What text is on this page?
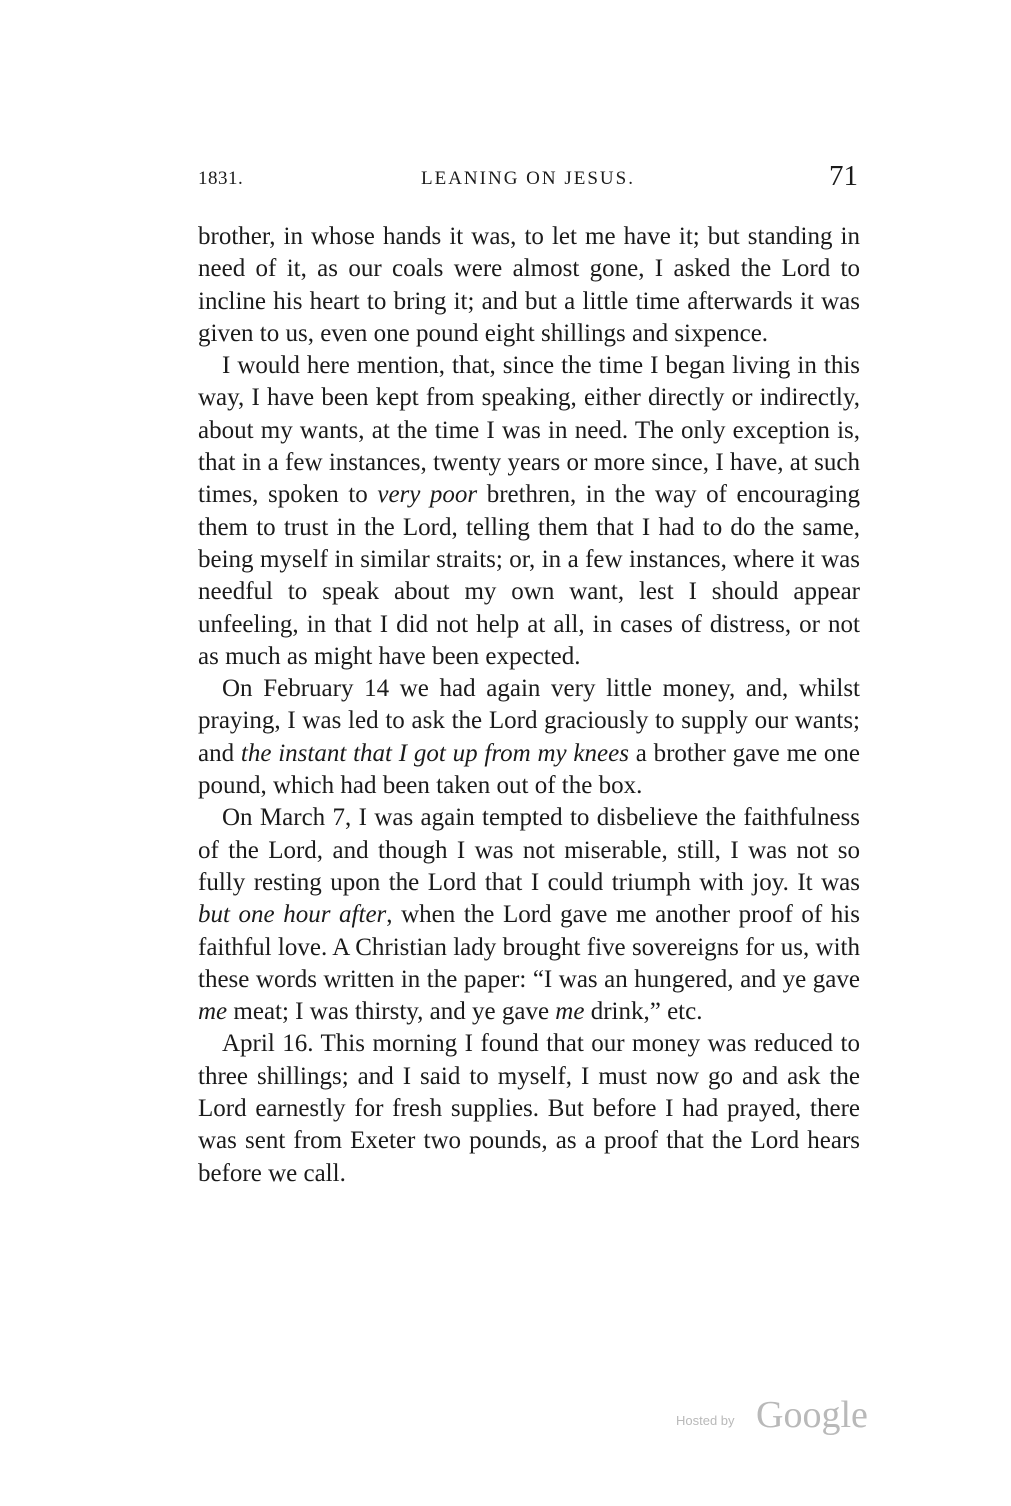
1831.	LEANING ON JESUS.	71

brother, in whose hands it was, to let me have it; but standing in need of it, as our coals were almost gone, I asked the Lord to incline his heart to bring it; and but a little time afterwards it was given to us, even one pound eight shillings and sixpence.

I would here mention, that, since the time I began living in this way, I have been kept from speaking, either directly or indirectly, about my wants, at the time I was in need. The only exception is, that in a few instances, twenty years or more since, I have, at such times, spoken to very poor brethren, in the way of encouraging them to trust in the Lord, telling them that I had to do the same, being myself in similar straits; or, in a few instances, where it was needful to speak about my own want, lest I should appear unfeeling, in that I did not help at all, in cases of distress, or not as much as might have been expected.

On February 14 we had again very little money, and, whilst praying, I was led to ask the Lord graciously to supply our wants; and the instant that I got up from my knees a brother gave me one pound, which had been taken out of the box.

On March 7, I was again tempted to disbelieve the faithfulness of the Lord, and though I was not miserable, still, I was not so fully resting upon the Lord that I could triumph with joy. It was but one hour after, when the Lord gave me another proof of his faithful love. A Christian lady brought five sovereigns for us, with these words written in the paper: “I was an hungered, and ye gave me meat; I was thirsty, and ye gave me drink,” etc.

April 16. This morning I found that our money was reduced to three shillings; and I said to myself, I must now go and ask the Lord earnestly for fresh supplies. But before I had prayed, there was sent from Exeter two pounds, as a proof that the Lord hears before we call.

Hosted by Google
